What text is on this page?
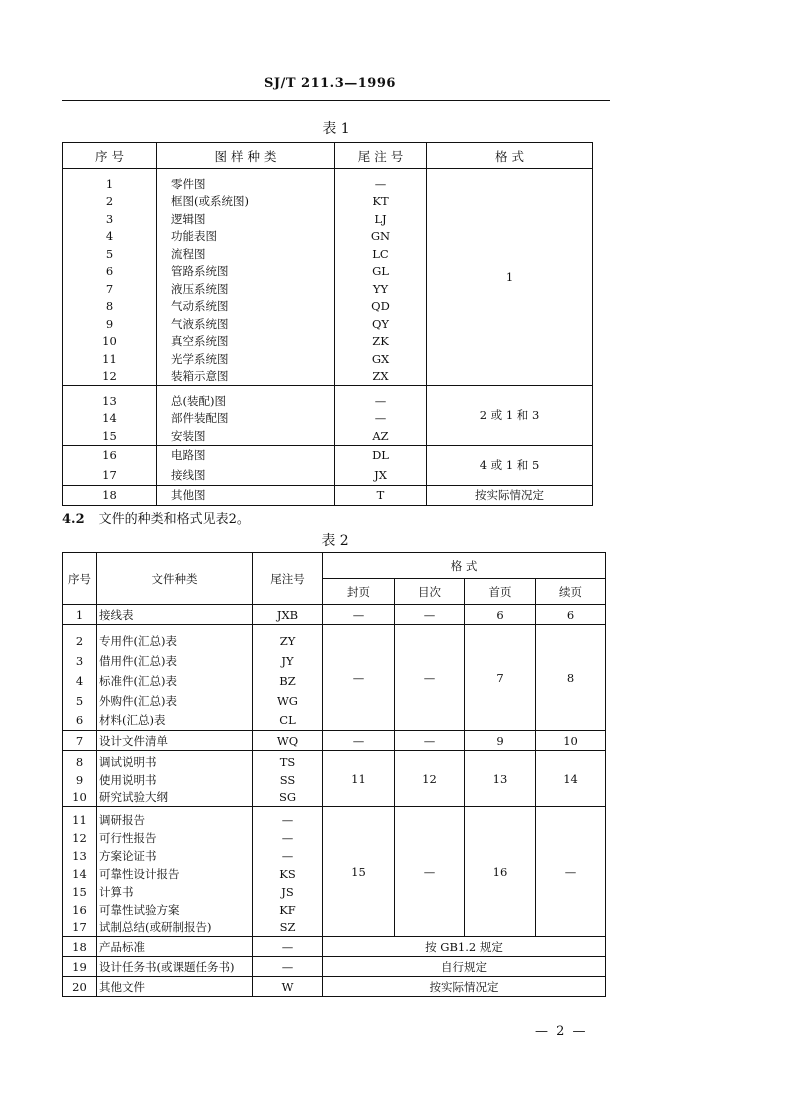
SJ/T 211.3—1996
表 1
序 号	图 样 种 类	尾 注 号	格 式
1	零件图	—	1
2	框图(或系统图)	KT	
3	逻辑图	LJ	
4	功能表图	GN	
5	流程图	LC	
6	管路系统图	GL	
7	液压系统图	YY	
8	气动系统图	QD	
9	气液系统图	QY	
10	真空系统图	ZK	
11	光学系统图	GX	
12	装箱示意图	ZX	
13	总(装配)图	—	2 或 1 和 3
14	部件装配图	—	
15	安装图	AZ	
16	电路图	DL	4 或 1 和 5
17	接线图	JX	
18	其他图	T	按实际情况定
4.2 文件的种类和格式见表2。
表 2
序号	文件种类	尾注号	格 式			
			封页	目次	首页	续页
1	接线表	JXB	—	—	6	6
2	专用件(汇总)表	ZY	—	—	7	8
3	借用件(汇总)表	JY				
4	标准件(汇总)表	BZ				
5	外购件(汇总)表	WG				
6	材料(汇总)表	CL				
7	设计文件清单	WQ	—	—	9	10
8	调试说明书	TS	11	12	13	14
9	使用说明书	SS				
10	研究试验大纲	SG				
11	调研报告	—	15	—	16	—
12	可行性报告	—				
13	方案论证书	—				
14	可靠性设计报告	KS				
15	计算书	JS				
16	可靠性试验方案	KF				
17	试制总结(或研制报告)	SZ				
18	产品标准	—	按 GB1.2 规定			
19	设计任务书(或课题任务书)	—	自行规定			
20	其他文件	W	按实际情况定			
— 2 —
